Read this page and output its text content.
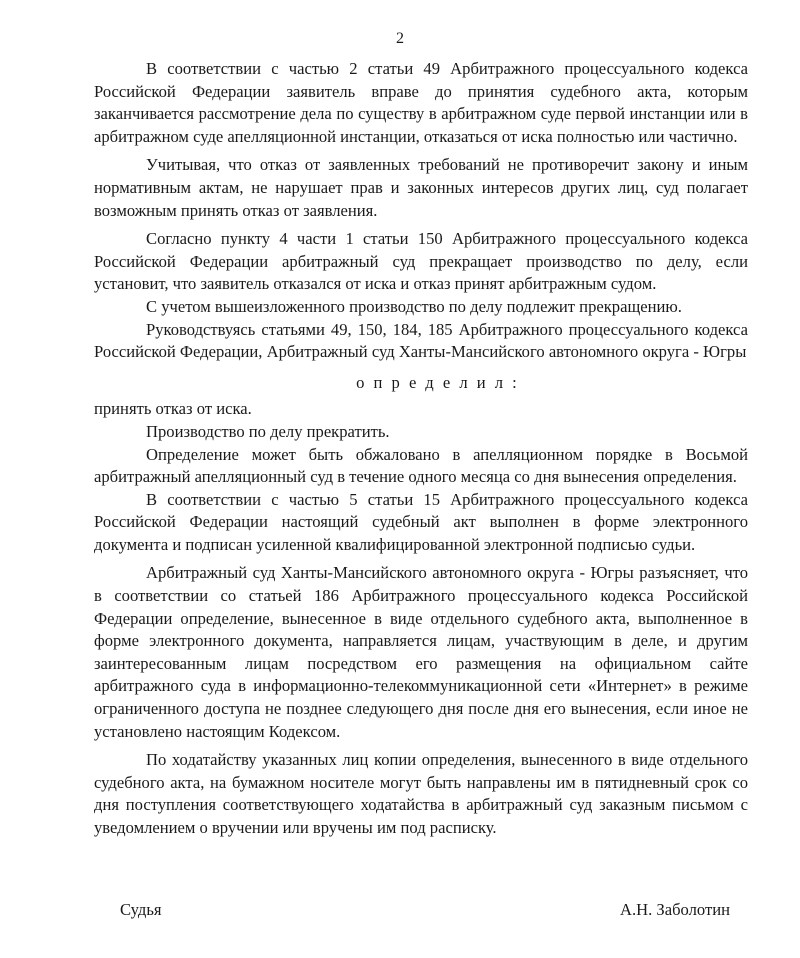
2

В соответствии с частью 2 статьи 49 Арбитражного процессуального кодекса Российской Федерации заявитель вправе до принятия судебного акта, которым заканчивается рассмотрение дела по существу в арбитражном суде первой инстанции или в арбитражном суде апелляционной инстанции, отказаться от иска полностью или частично.

Учитывая, что отказ от заявленных требований не противоречит закону и иным нормативным актам, не нарушает прав и законных интересов других лиц, суд полагает возможным принять отказ от заявления.

Согласно пункту 4 части 1 статьи 150 Арбитражного процессуального кодекса Российской Федерации арбитражный суд прекращает производство по делу, если установит, что заявитель отказался от иска и отказ принят арбитражным судом.

С учетом вышеизложенного производство по делу подлежит прекращению.

Руководствуясь статьями 49, 150, 184, 185 Арбитражного процессуального кодекса Российской Федерации, Арбитражный суд Ханты-Мансийского автономного округа - Югры

определил:

принять отказ от иска.

Производство по делу прекратить.

Определение может быть обжаловано в апелляционном порядке в Восьмой арбитражный апелляционный суд в течение одного месяца со дня вынесения определения.

В соответствии с частью 5 статьи 15 Арбитражного процессуального кодекса Российской Федерации настоящий судебный акт выполнен в форме электронного документа и подписан усиленной квалифицированной электронной подписью судьи.

Арбитражный суд Ханты-Мансийского автономного округа - Югры разъясняет, что в соответствии со статьей 186 Арбитражного процессуального кодекса Российской Федерации определение, вынесенное в виде отдельного судебного акта, выполненное в форме электронного документа, направляется лицам, участвующим в деле, и другим заинтересованным лицам посредством его размещения на официальном сайте арбитражного суда в информационно-телекоммуникационной сети «Интернет» в режиме ограниченного доступа не позднее следующего дня после дня его вынесения, если иное не установлено настоящим Кодексом.

По ходатайству указанных лиц копии определения, вынесенного в виде отдельного судебного акта, на бумажном носителе могут быть направлены им в пятидневный срок со дня поступления соответствующего ходатайства в арбитражный суд заказным письмом с уведомлением о вручении или вручены им под расписку.

Судья	А.Н. Заболотин
